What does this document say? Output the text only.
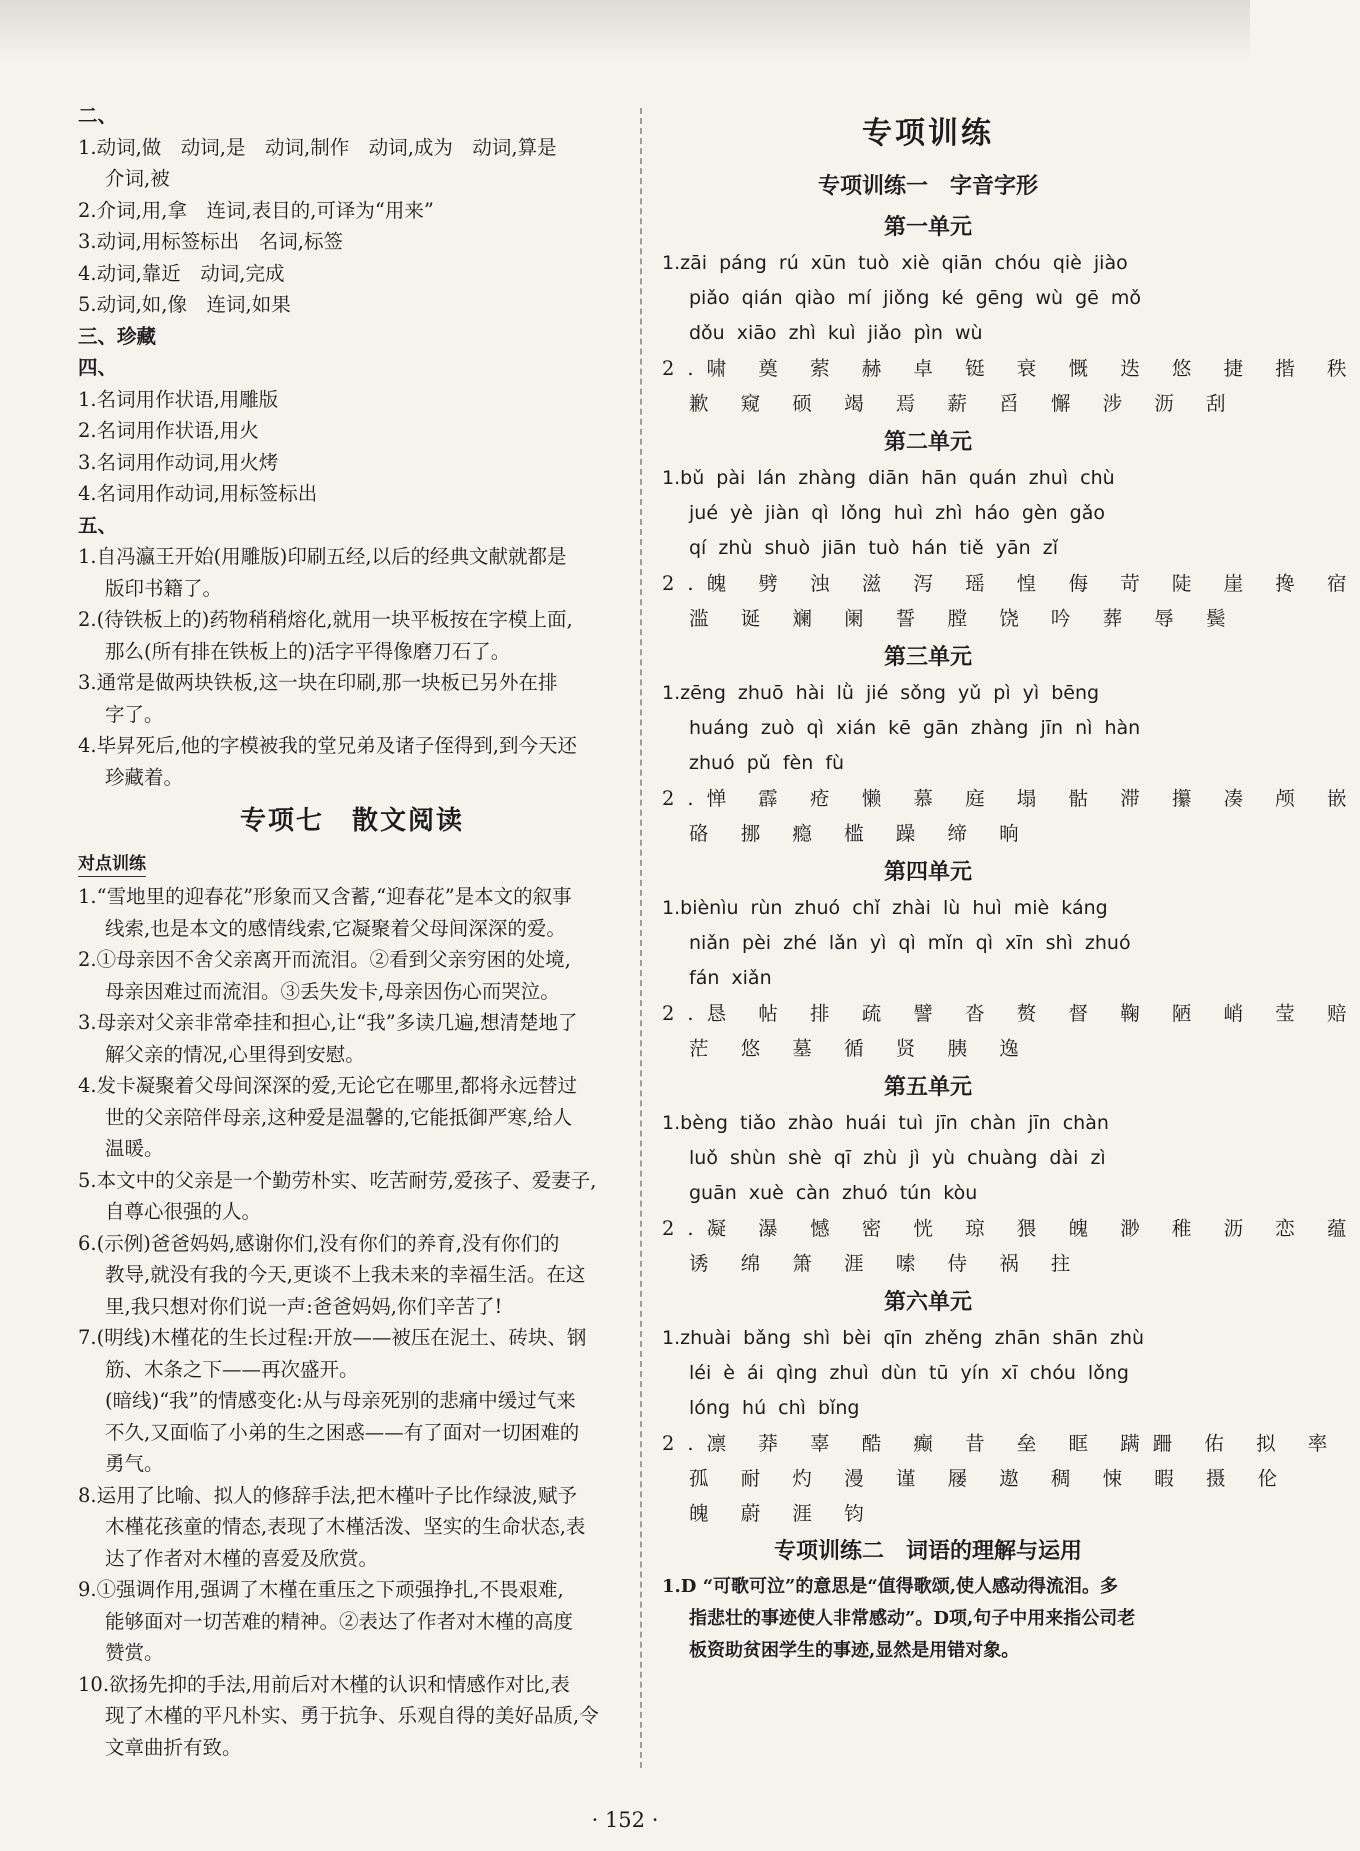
二、
1.动词,做　动词,是　动词,制作　动词,成为　动词,算是
介词,被
2.介词,用,拿　连词,表目的,可译为“用来”
3.动词,用标签标出　名词,标签
4.动词,靠近　动词,完成
5.动词,如,像　连词,如果
三、珍藏
四、
1.名词用作状语,用雕版
2.名词用作状语,用火
3.名词用作动词,用火烤
4.名词用作动词,用标签标出
五、
1.自冯瀛王开始(用雕版)印刷五经,以后的经典文献就都是
版印书籍了。
2.(待铁板上的)药物稍稍熔化,就用一块平板按在字模上面,
那么(所有排在铁板上的)活字平得像磨刀石了。
3.通常是做两块铁板,这一块在印刷,那一块板已另外在排
字了。
4.毕昇死后,他的字模被我的堂兄弟及诸子侄得到,到今天还
珍藏着。
专项七　散文阅读
对点训练
1.“雪地里的迎春花”形象而又含蓄,“迎春花”是本文的叙事
线索,也是本文的感情线索,它凝聚着父母间深深的爱。
2.①母亲因不舍父亲离开而流泪。②看到父亲穷困的处境,
母亲因难过而流泪。③丢失发卡,母亲因伤心而哭泣。
3.母亲对父亲非常牵挂和担心,让“我”多读几遍,想清楚地了
解父亲的情况,心里得到安慰。
4.发卡凝聚着父母间深深的爱,无论它在哪里,都将永远替过
世的父亲陪伴母亲,这种爱是温馨的,它能抵御严寒,给人
温暖。
5.本文中的父亲是一个勤劳朴实、吃苦耐劳,爱孩子、爱妻子,
自尊心很强的人。
6.(示例)爸爸妈妈,感谢你们,没有你们的养育,没有你们的
教导,就没有我的今天,更谈不上我未来的幸福生活。在这
里,我只想对你们说一声:爸爸妈妈,你们辛苦了!
7.(明线)木槿花的生长过程:开放——被压在泥土、砖块、钢
筋、木条之下——再次盛开。
(暗线)“我”的情感变化:从与母亲死别的悲痛中缓过气来
不久,又面临了小弟的生之困惑——有了面对一切困难的
勇气。
8.运用了比喻、拟人的修辞手法,把木槿叶子比作绿波,赋予
木槿花孩童的情态,表现了木槿活泼、坚实的生命状态,表
达了作者对木槿的喜爱及欣赏。
9.①强调作用,强调了木槿在重压之下顽强挣扎,不畏艰难,
能够面对一切苦难的精神。②表达了作者对木槿的高度
赞赏。
10.欲扬先抑的手法,用前后对木槿的认识和情感作对比,表
现了木槿的平凡朴实、勇于抗争、乐观自得的美好品质,令
文章曲折有致。
专项训练
专项训练一　字音字形
第一单元
1.zāi páng rú xūn tuò xiè qiān chóu qiè jiào
piǎo qián qiào mí jiǒng ké gēng wù gē mǒ
dǒu xiāo zhì kuì jiǎo pìn wù
2.啸 奠 萦 赫 卓 铤 衰 慨 迭 悠 捷 揩 秩
歉 窥 硕 竭 焉 薪 舀 懈 涉 沥 刮
第二单元
1.bǔ pài lán zhàng diān hān quán zhuì chù
jué yè jiàn qì lǒng huì zhì háo gèn gǎo
qí zhù shuò jiān tuò hán tiě yān zǐ
2.魄 劈 浊 滋 泻 瑶 惶 侮 苛 陡 崖 搀 宿
滥 诞 斓 阑 誓 膛 饶 吟 葬 辱 鬓
第三单元
1.zēng zhuō hài lǜ jié sǒng yǔ pì yì bēng
huáng zuò qì xián kē gān zhàng jīn nì hàn
zhuó pǔ fèn fù
2.惮 霹 疮 懒 慕 庭 塌 骷 滞 攥 凑 颅 嵌
硌 挪 瘾 槛 躁 缔 晌
第四单元
1.biènìu rùn zhuó chǐ zhài lù huì miè káng
niǎn pèi zhé lǎn yì qì mǐn qì xīn shì zhuó
fán xiǎn
2.恳 帖 排 疏 譬 沓 赘 督 鞠 陋 峭 莹 赔
茫 悠 墓 循 贤 胰 逸
第五单元
1.bèng tiǎo zhào huái tuì jīn chàn jīn chàn
luǒ shùn shè qī zhù jì yù chuàng dài zì
guān xuè càn zhuó tún kòu
2.凝 瀑 憾 密 恍 琼 猥 魄 渺 稚 沥 恋 蕴
诱 绵 箫 涯 嗦 侍 祸 拄
第六单元
1.zhuài bǎng shì bèi qīn zhěng zhān shān zhù
léi è ái qìng zhuì dùn tū yín xī chóu lǒng
lóng hú chì bǐng
2.凛 莽 辜 酷 癫 昔 垒 眶 蹒跚 佑 拟 率
孤 耐 灼 漫 谨 屦 遨 稠 悚 暇 摄 伦
魄 蔚 涯 钧
专项训练二　词语的理解与运用
1.D “可歌可泣”的意思是“值得歌颂,使人感动得流泪。多
指悲壮的事迹使人非常感动”。D项,句子中用来指公司老
板资助贫困学生的事迹,显然是用错对象。
· 152 ·
